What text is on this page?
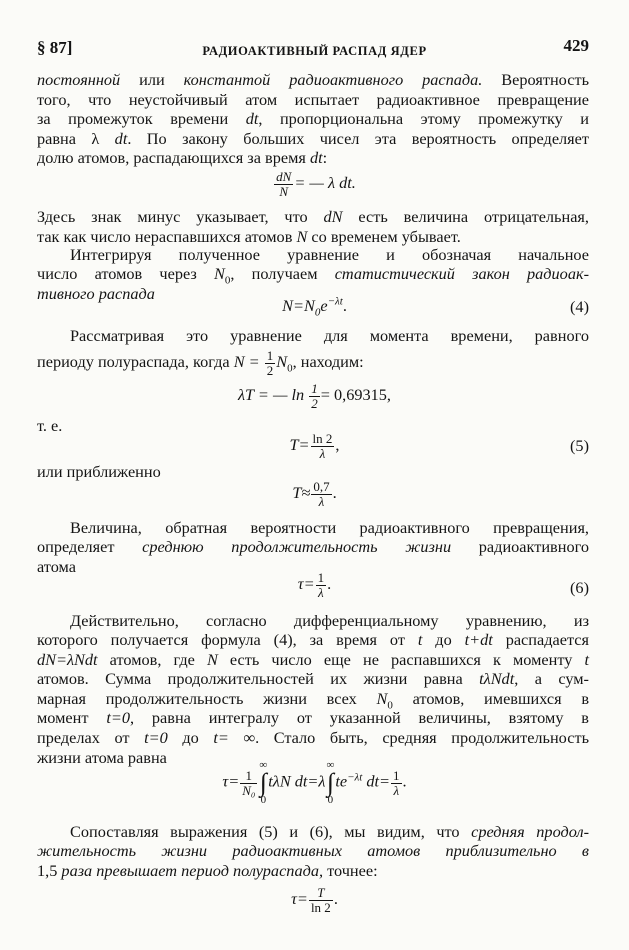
§ 87]	РАДИОАКТИВНЫЙ РАСПАД ЯДЕР	429
постоянной или константой радиоактивного распада. Вероятность
того, что неустойчивый атом испытает радиоактивное превращение
за промежуток времени dt, пропорциональна этому промежутку и
равна λ dt. По закону больших чисел эта вероятность определяет
долю атомов, распадающихся за время dt:
$\frac{dN}{N}$ = — λ dt.
Здесь знак минус указывает, что dN есть величина отрицательная,
так как число нераспавшихся атомов N со временем убывает.
Интегрируя полученное уравнение и обозначая начальное
число атомов через $N_0$, получаем статистический закон радиоак-
тивного распада
$N=N_0e^{-\lambda t}$.	(4)
Рассматривая это уравнение для момента времени, равного
периоду полураспада, когда $N = \frac{1}{2} N_0$, находим:
λT = — $\ln \frac{1}{2} = 0,69315$,
т. е.
$T= \frac{\ln 2}{\lambda}$ ,	(5)
или приближенно
$T\approx \frac{0,7}{\lambda}$ .
Величина, обратная вероятности радиоактивного превращения,
определяет среднюю продолжительность жизни радиоактивного
атома
$\tau= \frac{1}{\lambda}$ .	(6)
Действительно, согласно дифференциальному уравнению, из
которого получается формула (4), за время от t до t+dt распадается
dN=λNdt атомов, где N есть число еще не распавшихся к моменту t
атомов. Сумма продолжительностей их жизни равна tλNdt, а сум-
марная продолжительность жизни всех $N_0$ атомов, имевшихся в
момент t=0, равна интегралу от указанной величины, взятому в
пределах от t=0 до t= ∞. Стало быть, средняя продолжительность
жизни атома равна
$\tau= \frac{1}{\text{N₀}}$
∞
∫
0tλN dt=λ∞
∫
$0te^{-\lambda t}$ $dt= \frac{1}{\lambda}$ .
Сопоставляя выражения (5) и (6), мы видим, что средняя продол-
жительность жизни радиоактивных атомов приблизительно в
1,5 раза превышает период полураспада, точнее:
$\tau= \frac{T}{\ln 2}$ .
